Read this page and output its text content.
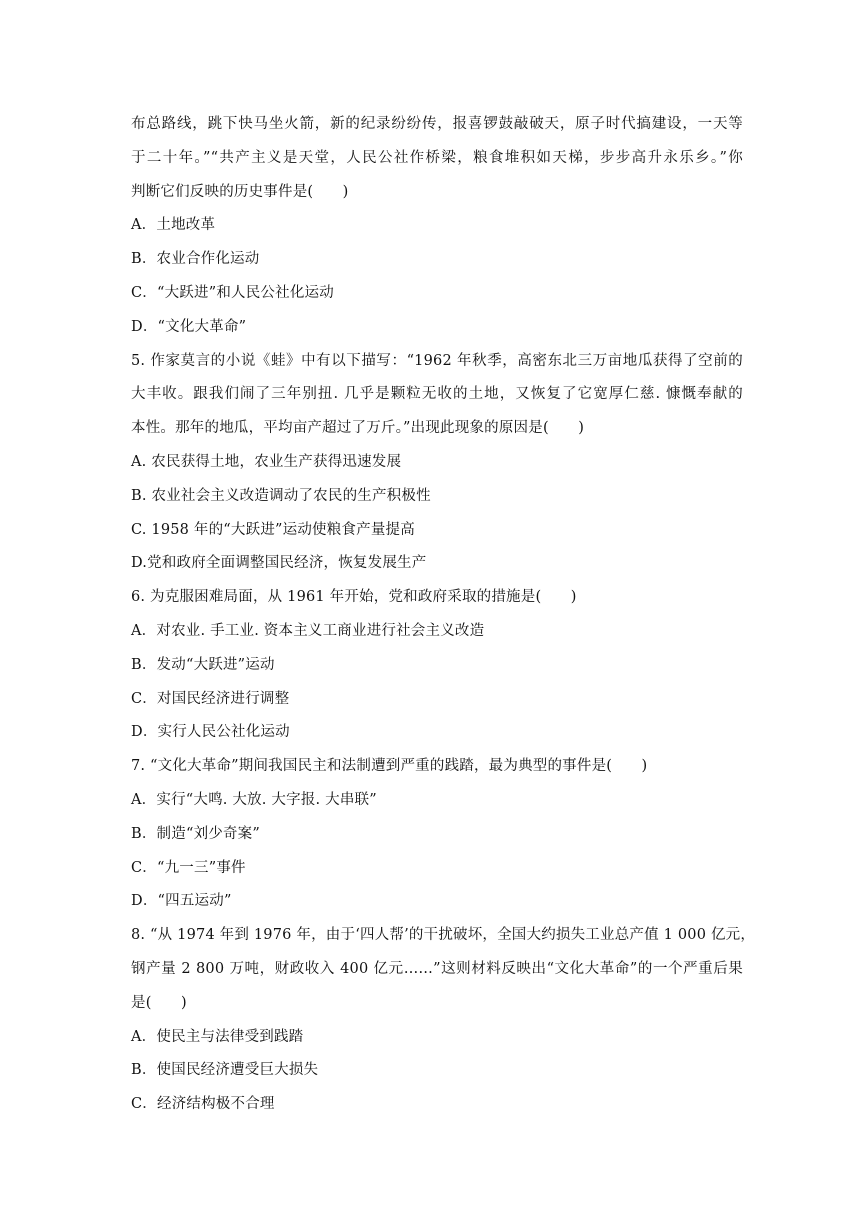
布总路线，跳下快马坐火箭，新的纪录纷纷传，报喜锣鼓敲破天，原子时代搞建设，一天等
于二十年。”“共产主义是天堂，人民公社作桥梁，粮食堆积如天梯，步步高升永乐乡。”你
判断它们反映的历史事件是(　　)
A．土地改革
B．农业合作化运动
C．“大跃进”和人民公社化运动
D．“文化大革命”
5. 作家莫言的小说《蛙》中有以下描写：“1962 年秋季，高密东北三万亩地瓜获得了空前的
大丰收。跟我们闹了三年别扭. 几乎是颗粒无收的土地，又恢复了它宽厚仁慈. 慷慨奉献的
本性。那年的地瓜，平均亩产超过了万斤。”出现此现象的原因是(　　)
A. 农民获得土地，农业生产获得迅速发展
B. 农业社会主义改造调动了农民的生产积极性
C. 1958 年的“大跃进”运动使粮食产量提高
D.党和政府全面调整国民经济，恢复发展生产
6. 为克服困难局面，从 1961 年开始，党和政府采取的措施是(　　)
A．对农业. 手工业. 资本主义工商业进行社会主义改造
B．发动“大跃进”运动
C．对国民经济进行调整
D．实行人民公社化运动
7. “文化大革命”期间我国民主和法制遭到严重的践踏，最为典型的事件是(　　)
A．实行“大鸣. 大放. 大字报. 大串联”
B．制造“刘少奇案”
C．“九一三”事件
D．“四五运动”
8. “从 1974 年到 1976 年，由于‘四人帮’的干扰破坏，全国大约损失工业总产值 1 000 亿元，
钢产量 2 800 万吨，财政收入 400 亿元……”这则材料反映出“文化大革命”的一个严重后果
是(　　)
A．使民主与法律受到践踏
B．使国民经济遭受巨大损失
C．经济结构极不合理
